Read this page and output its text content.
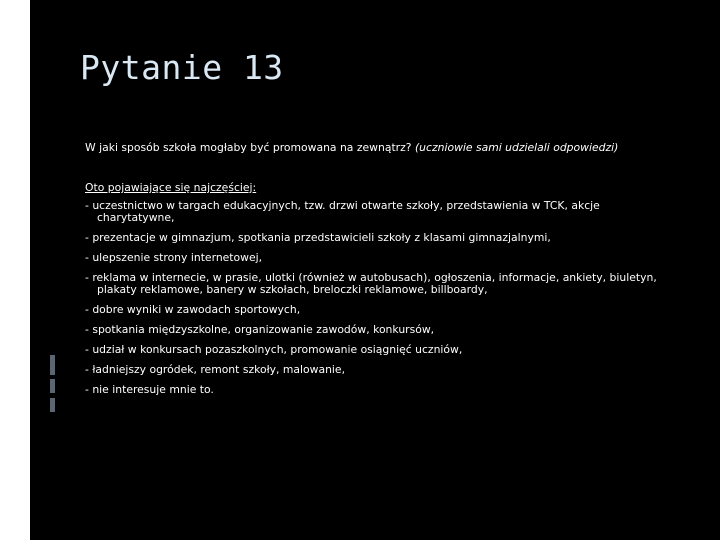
Pytanie 13

W jaki sposób szkoła mogłaby być promowana na zewnątrz? (uczniowie sami udzielali odpowiedzi)

Oto pojawiające się najczęściej:

- uczestnictwo w targach edukacyjnych, tzw. drzwi otwarte szkoły, przedstawienia w TCK, akcje charytatywne,
- prezentacje w gimnazjum, spotkania przedstawicieli szkoły z klasami gimnazjalnymi,
- ulepszenie strony internetowej,
- reklama w internecie, w prasie, ulotki (również w autobusach), ogłoszenia, informacje, ankiety, biuletyn, plakaty reklamowe, banery w szkołach, breloczki reklamowe, billboardy,
- dobre wyniki w zawodach sportowych,
- spotkania międzyszkolne, organizowanie zawodów, konkursów,
- udział w konkursach pozaszkolnych, promowanie osiągnięć uczniów,
- ładniejszy ogródek, remont szkoły, malowanie,
- nie interesuje mnie to.
